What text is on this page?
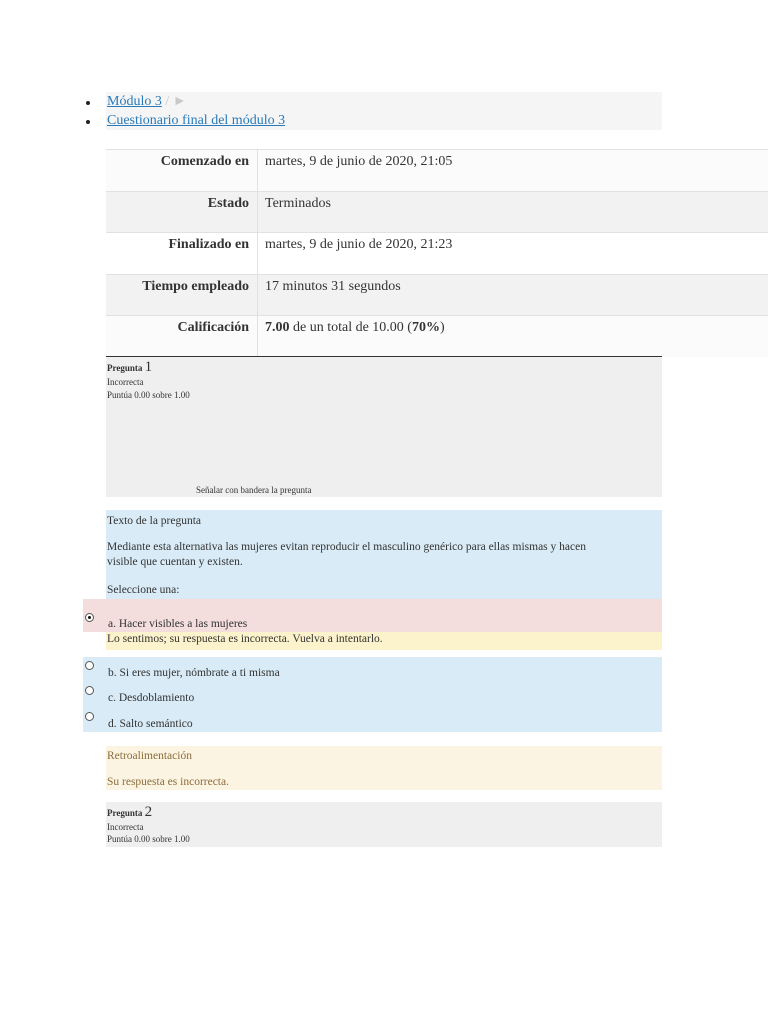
Módulo 3 / ►
Cuestionario final del módulo 3
Comenzado en	martes, 9 de junio de 2020, 21:05
Estado	Terminados
Finalizado en	martes, 9 de junio de 2020, 21:23
Tiempo empleado	17 minutos 31 segundos
Calificación	7.00 de un total de 10.00 (70%)
Pregunta 1
Incorrecta
Puntúa 0.00 sobre 1.00
Señalar con bandera la pregunta
Texto de la pregunta
Mediante esta alternativa las mujeres evitan reproducir el masculino genérico para ellas mismas y hacen
visible que cuentan y existen.
Seleccione una:
a. Hacer visibles a las mujeres
Lo sentimos; su respuesta es incorrecta. Vuelva a intentarlo.
b. Si eres mujer, nómbrate a ti misma
c. Desdoblamiento
d. Salto semántico
Retroalimentación
Su respuesta es incorrecta.
Pregunta 2
Incorrecta
Puntúa 0.00 sobre 1.00
